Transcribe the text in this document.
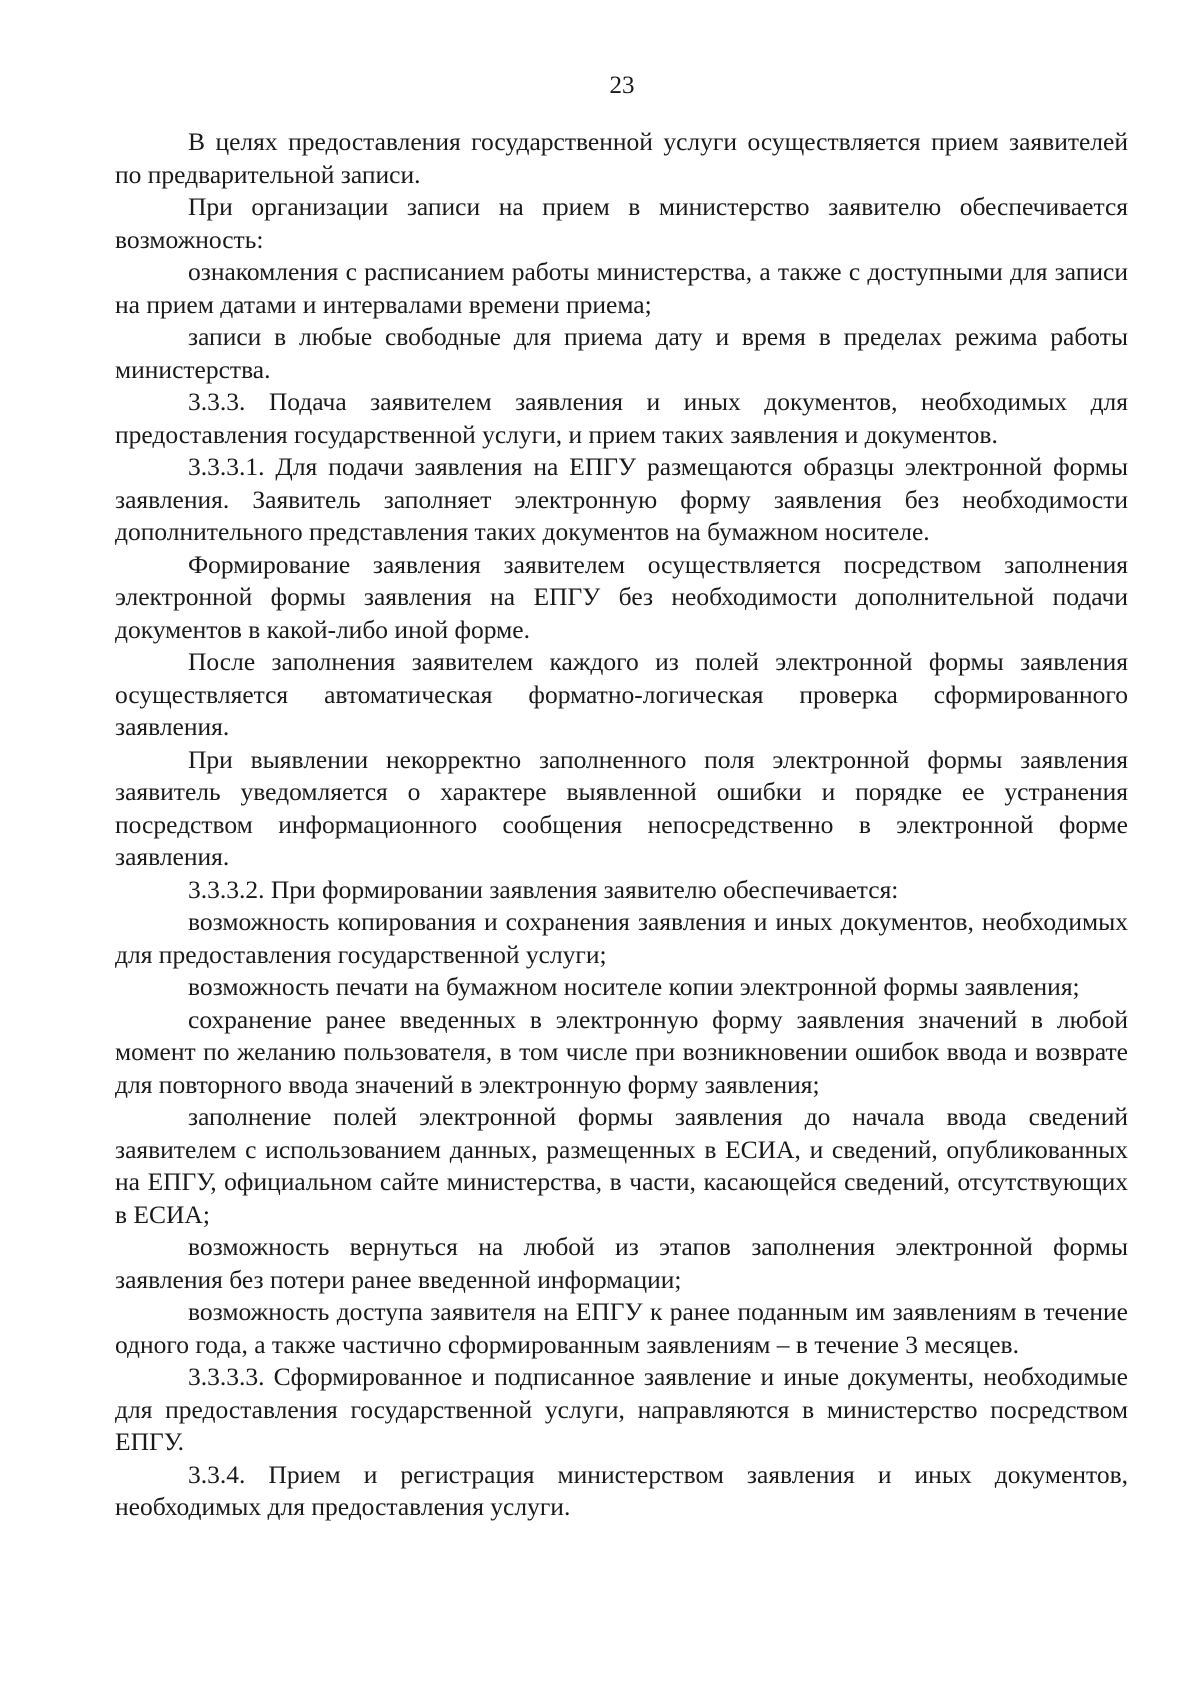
23

В целях предоставления государственной услуги осуществляется прием заявителей по предварительной записи.

При организации записи на прием в министерство заявителю обеспечивается возможность:

ознакомления с расписанием работы министерства, а также с доступными для записи на прием датами и интервалами времени приема;

записи в любые свободные для приема дату и время в пределах режима работы министерства.

3.3.3. Подача заявителем заявления и иных документов, необходимых для предоставления государственной услуги, и прием таких заявления и документов.

3.3.3.1. Для подачи заявления на ЕПГУ размещаются образцы электронной формы заявления. Заявитель заполняет электронную форму заявления без необходимости дополнительного представления таких документов на бумажном носителе.

Формирование заявления заявителем осуществляется посредством заполнения электронной формы заявления на ЕПГУ без необходимости дополнительной подачи документов в какой-либо иной форме.

После заполнения заявителем каждого из полей электронной формы заявления осуществляется автоматическая форматно-логическая проверка сформированного заявления.

При выявлении некорректно заполненного поля электронной формы заявления заявитель уведомляется о характере выявленной ошибки и порядке ее устранения посредством информационного сообщения непосредственно в электронной форме заявления.

3.3.3.2. При формировании заявления заявителю обеспечивается:

возможность копирования и сохранения заявления и иных документов, необходимых для предоставления государственной услуги;

возможность печати на бумажном носителе копии электронной формы заявления;

сохранение ранее введенных в электронную форму заявления значений в любой момент по желанию пользователя, в том числе при возникновении ошибок ввода и возврате для повторного ввода значений в электронную форму заявления;

заполнение полей электронной формы заявления до начала ввода сведений заявителем с использованием данных, размещенных в ЕСИА, и сведений, опубликованных на ЕПГУ, официальном сайте министерства, в части, касающейся сведений, отсутствующих в ЕСИА;

возможность вернуться на любой из этапов заполнения электронной формы заявления без потери ранее введенной информации;

возможность доступа заявителя на ЕПГУ к ранее поданным им заявлениям в течение одного года, а также частично сформированным заявлениям – в течение 3 месяцев.

3.3.3.3. Сформированное и подписанное заявление и иные документы, необходимые для предоставления государственной услуги, направляются в министерство посредством ЕПГУ.

3.3.4. Прием и регистрация министерством заявления и иных документов, необходимых для предоставления услуги.
